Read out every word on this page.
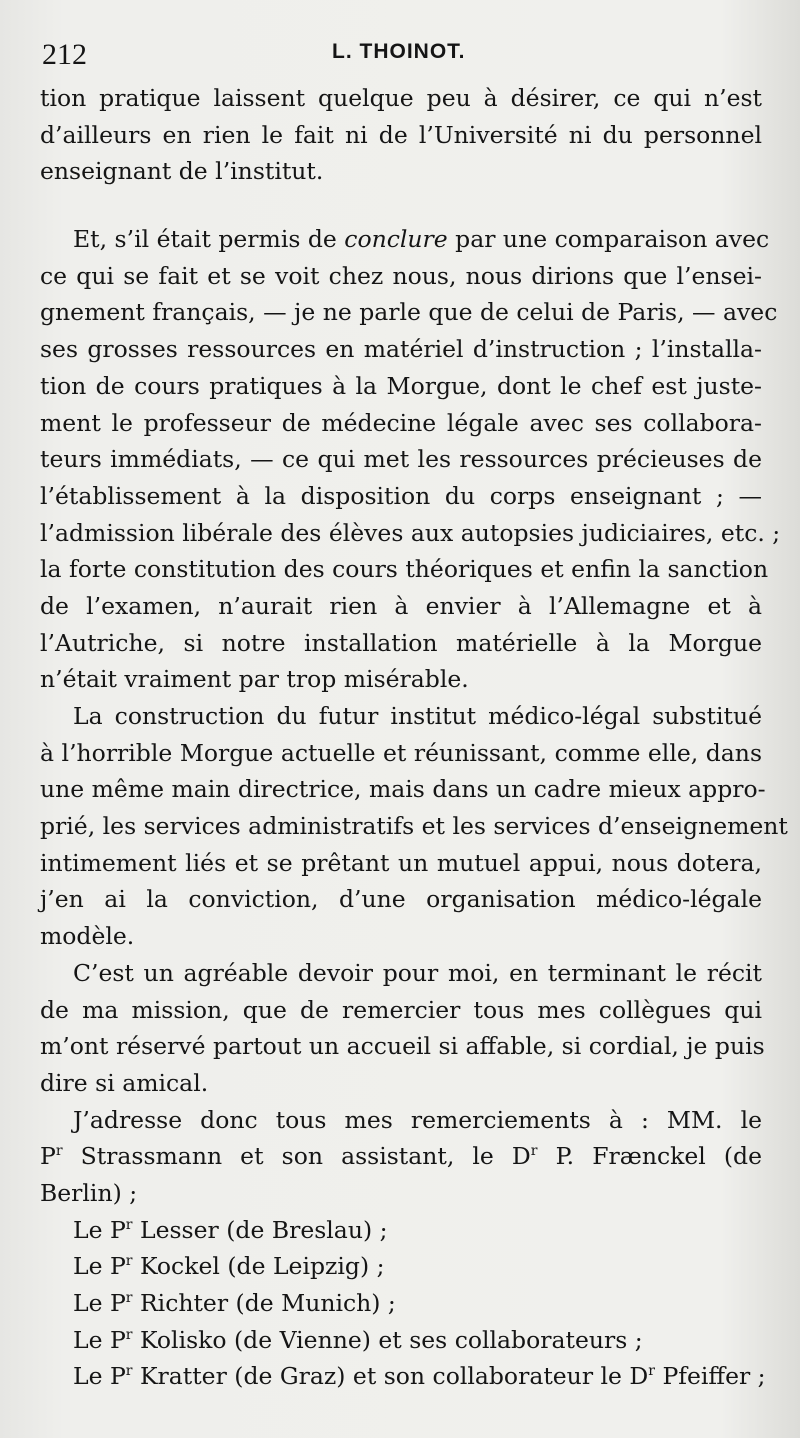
212	L. THOINOT.
tion pratique laissent quelque peu à désirer, ce qui n’est
d’ailleurs en rien le fait ni de l’Université ni du personnel
enseignant de l’institut.
Et, s’il était permis de conclure par une comparaison avec
ce qui se fait et se voit chez nous, nous dirions que l’ensei-
gnement français, — je ne parle que de celui de Paris, — avec
ses grosses ressources en matériel d’instruction ; l’installa-
tion de cours pratiques à la Morgue, dont le chef est juste-
ment le professeur de médecine légale avec ses collabora-
teurs immédiats, — ce qui met les ressources précieuses de
l’établissement à la disposition du corps enseignant ; —
l’admission libérale des élèves aux autopsies judiciaires, etc. ;
la forte constitution des cours théoriques et enfin la sanction
de l’examen, n’aurait rien à envier à l’Allemagne et à
l’Autriche, si notre installation matérielle à la Morgue
n’était vraiment par trop misérable.
La construction du futur institut médico-légal substitué
à l’horrible Morgue actuelle et réunissant, comme elle, dans
une même main directrice, mais dans un cadre mieux appro-
prié, les services administratifs et les services d’enseignement
intimement liés et se prêtant un mutuel appui, nous dotera,
j’en ai la conviction, d’une organisation médico-légale
modèle.
C’est un agréable devoir pour moi, en terminant le récit
de ma mission, que de remercier tous mes collègues qui
m’ont réservé partout un accueil si affable, si cordial, je puis
dire si amical.
J’adresse donc tous mes remerciements à : MM. le
$P^r$ Strassmann et son assistant, le $D^r$ P. Frænckel (de
Berlin) ;
Le $P^r$ Lesser (de Breslau) ;
Le $P^r$ Kockel (de Leipzig) ;
Le $P^r$ Richter (de Munich) ;
Le $P^r$ Kolisko (de Vienne) et ses collaborateurs ;
Le $P^r$ Kratter (de Graz) et son collaborateur le $D^r$ Pfeiffer ;
